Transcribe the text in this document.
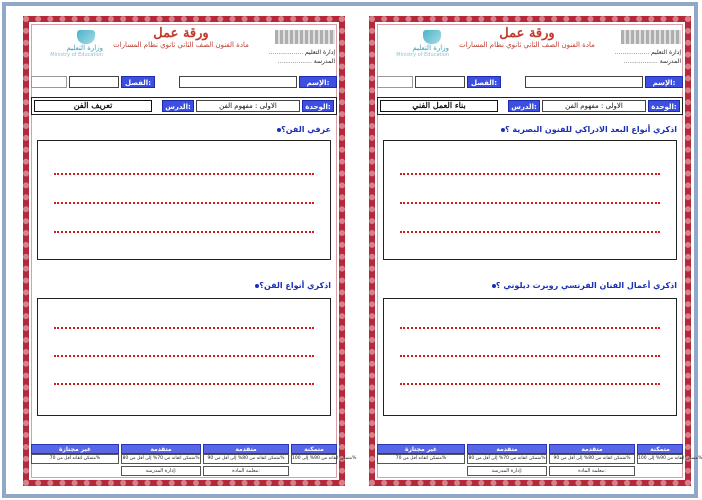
وزارة التعليم
Ministry of Education
ورقة عمل
مادة الفنون الصف الثاني ثانوي نظام المسارات
.................. إدارة التعليم
.................. المدرسة
الإسم:
الفصل:
الوحدة:
الاولى : مفهوم الفن
الدرس:
تعريف الفن
عرفي الفن؟
اذكري أنواع الفن؟
متمكنة
متمكن اتقانه من 90% إلى 100%
متقدمة
متمكن اتقانه من 80% إلى أقل من 90%
معلمة المادة:
متقدمة
متمكن اتقانه من 70% إلى أقل من 80%
إدارة المدرسة:
غير مجتازة
متمكن اتقانه أقل من 70%
وزارة التعليم
Ministry of Education
ورقة عمل
مادة الفنون الصف الثاني ثانوي نظام المسارات
.................. إدارة التعليم
.................. المدرسة
الإسم:
الفصل:
الوحدة:
الاولى : مفهوم الفن
الدرس:
بناء العمل الفني
اذكري أنواع البعد الادراكي للفنون البصرية ؟
اذكري أعمال الفنان الفرنسي روبرت ديلوني ؟
متمكنة
متمكن اتقانه من 90% إلى 100%
متقدمة
متمكن اتقانه من 80% إلى أقل من 90%
معلمة المادة:
متقدمة
متمكن اتقانه من 70% إلى أقل من 80%
إدارة المدرسة:
غير مجتازة
متمكن اتقانه أقل من 70%
